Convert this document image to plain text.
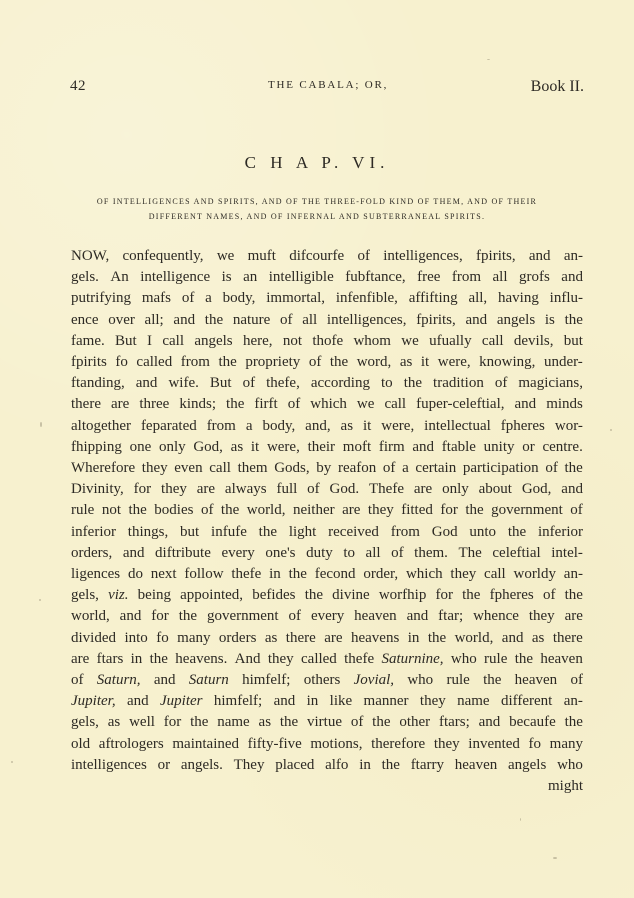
42	THE CABALA; OR,	Book II.
C H A P. VI.
OF INTELLIGENCES AND SPIRITS, AND OF THE THREE-FOLD KIND OF THEM, AND OF THEIR
DIFFERENT NAMES, AND OF INFERNAL AND SUBTERRANEAL SPIRITS.
NOW, confequently, we muft difcourfe of intelligences, fpirits, and an-
gels. An intelligence is an intelligible fubftance, free from all grofs and
putrifying mafs of a body, immortal, infenfible, affifting all, having influ-
ence over all; and the nature of all intelligences, fpirits, and angels is the
fame. But I call angels here, not thofe whom we ufually call devils, but
fpirits fo called from the propriety of the word, as it were, knowing, under-
ftanding, and wife. But of thefe, according to the tradition of magicians,
there are three kinds; the firft of which we call fuper-celeftial, and minds
altogether feparated from a body, and, as it were, intellectual fpheres wor-
fhipping one only God, as it were, their moft firm and ftable unity or centre.
Wherefore they even call them Gods, by reafon of a certain participation of the
Divinity, for they are always full of God. Thefe are only about God, and
rule not the bodies of the world, neither are they fitted for the government of
inferior things, but infufe the light received from God unto the inferior
orders, and diftribute every one's duty to all of them. The celeftial intel-
ligences do next follow thefe in the fecond order, which they call worldy an-
gels, viz. being appointed, befides the divine worfhip for the fpheres of the
world, and for the government of every heaven and ftar; whence they are
divided into fo many orders as there are heavens in the world, and as there
are ftars in the heavens. And they called thefe Saturnine, who rule the heaven
of Saturn, and Saturn himfelf; others Jovial, who rule the heaven of
Jupiter, and Jupiter himfelf; and in like manner they name different an-
gels, as well for the name as the virtue of the other ftars; and becaufe the
old aftrologers maintained fifty-five motions, therefore they invented fo many
intelligences or angels. They placed alfo in the ftarry heaven angels who
might
